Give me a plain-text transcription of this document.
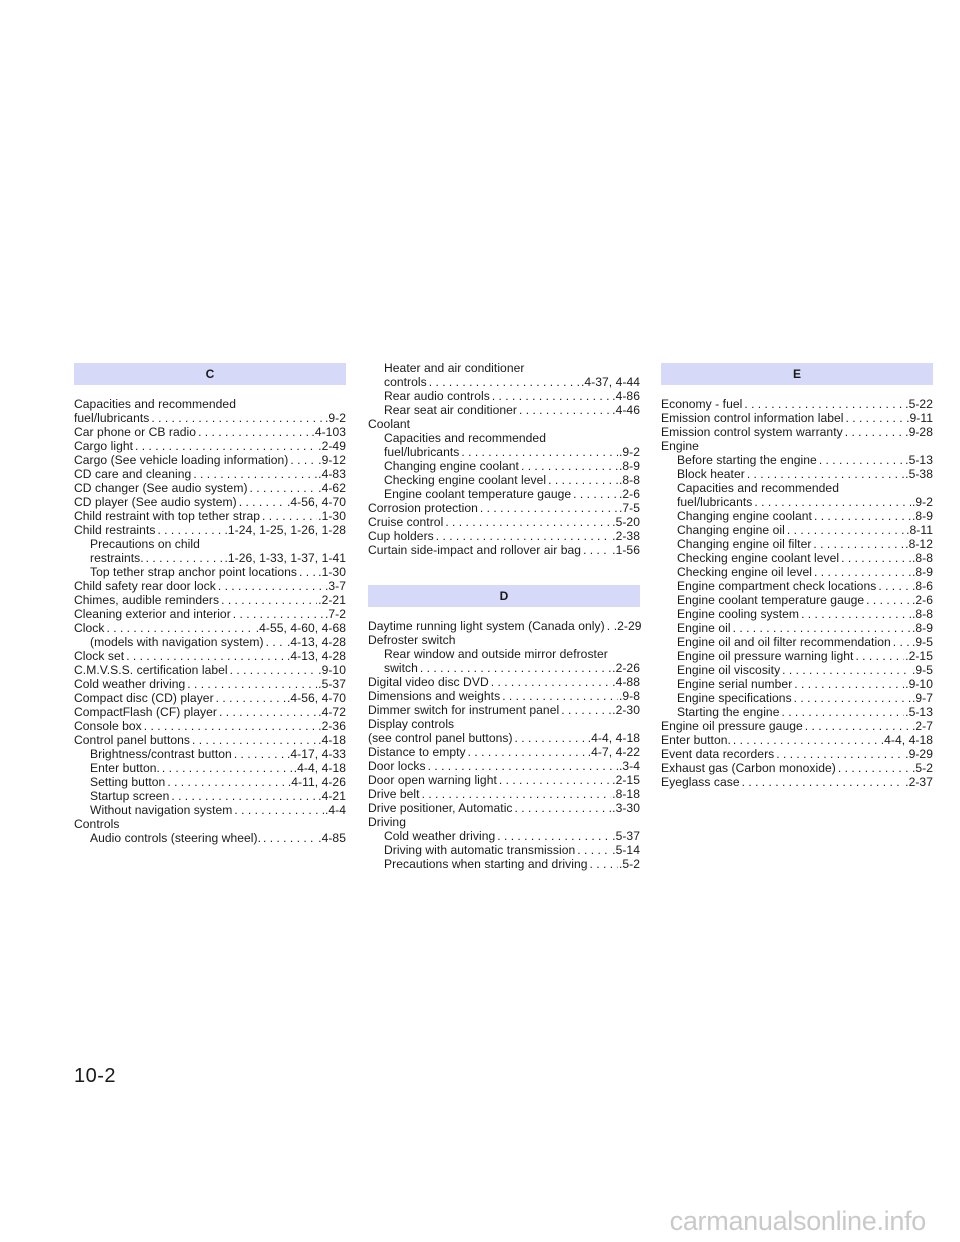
C
Capacities and recommended
fuel/lubricants . . .	.9-2
Car phone or CB radio . . .	.4-103
Cargo light . . .	.2-49
Cargo (See vehicle loading information) . . . .9-12
CD care and cleaning . . .	.4-83
CD changer (See audio system) . . .	.4-62
CD player (See audio system) . . .	.4-56, 4-70
Child restraint with top tether strap . . .	.1-30
Child restraints . . .	.1-24, 1-25, 1-26, 1-28
Precautions on child
restraints. . . .	.1-26, 1-33, 1-37, 1-41
Top tether strap anchor point locations . . . .1-30
Child safety rear door lock . . .	.3-7
Chimes, audible reminders . . .	.2-21
Cleaning exterior and interior . . .	.7-2
Clock . . .	.4-55, 4-60, 4-68
(models with navigation system) . . . .4-13, 4-28
Clock set . . .	.4-13, 4-28
C.M.V.S.S. certification label . . .	.9-10
Cold weather driving . . .	.5-37
Compact disc (CD) player . . .	.4-56, 4-70
CompactFlash (CF) player . . .	.4-72
Console box . . .	.2-36
Control panel buttons . . .	.4-18
Brightness/contrast button . . .	.4-17, 4-33
Enter button. . . .	.4-4, 4-18
Setting button . . .	.4-11, 4-26
Startup screen . . .	.4-21
Without navigation system . . .	.4-4
Controls
Audio controls (steering wheel). . . .	.4-85
Heater and air conditioner
controls . . .	.4-37, 4-44
Rear audio controls . . .	.4-86
Rear seat air conditioner . . .	.4-46
Coolant
Capacities and recommended
fuel/lubricants . . .	.9-2
Changing engine coolant . . .	.8-9
Checking engine coolant level . . .	.8-8
Engine coolant temperature gauge . . .	.2-6
Corrosion protection . . .	.7-5
Cruise control . . .	.5-20
Cup holders . . .	.2-38
Curtain side-impact and rollover air bag . . .	.1-56
D
Daytime running light system (Canada only) . . . .2-29
Defroster switch
Rear window and outside mirror defroster
switch . . .	.2-26
Digital video disc DVD . . .	.4-88
Dimensions and weights . . .	.9-8
Dimmer switch for instrument panel . . .	.2-30
Display controls
(see control panel buttons) . . .	.4-4, 4-18
Distance to empty . . .	.4-7, 4-22
Door locks . . .	.3-4
Door open warning light . . .	.2-15
Drive belt . . .	.8-18
Drive positioner, Automatic . . .	.3-30
Driving
Cold weather driving . . .	.5-37
Driving with automatic transmission . . .	.5-14
Precautions when starting and driving . . .	.5-2
E
Economy - fuel . . .	.5-22
Emission control information label . . .	.9-11
Emission control system warranty . . .	.9-28
Engine
Before starting the engine . . .	.5-13
Block heater . . .	.5-38
Capacities and recommended
fuel/lubricants . . .	.9-2
Changing engine coolant . . .	.8-9
Changing engine oil . . .	.8-11
Changing engine oil filter . . .	.8-12
Checking engine coolant level . . .	.8-8
Checking engine oil level . . .	.8-9
Engine compartment check locations . . .	.8-6
Engine coolant temperature gauge . . .	.2-6
Engine cooling system . . .	.8-8
Engine oil . . .	.8-9
Engine oil and oil filter recommendation . . . .9-5
Engine oil pressure warning light . . .	.2-15
Engine oil viscosity . . .	.9-5
Engine serial number . . .	.9-10
Engine specifications . . .	.9-7
Starting the engine . . .	.5-13
Engine oil pressure gauge . . .	.2-7
Enter button. . . .	.4-4, 4-18
Event data recorders . . .	.9-29
Exhaust gas (Carbon monoxide) . . .	.5-2
Eyeglass case . . .	.2-37
10-2
carmanualsonline.info
